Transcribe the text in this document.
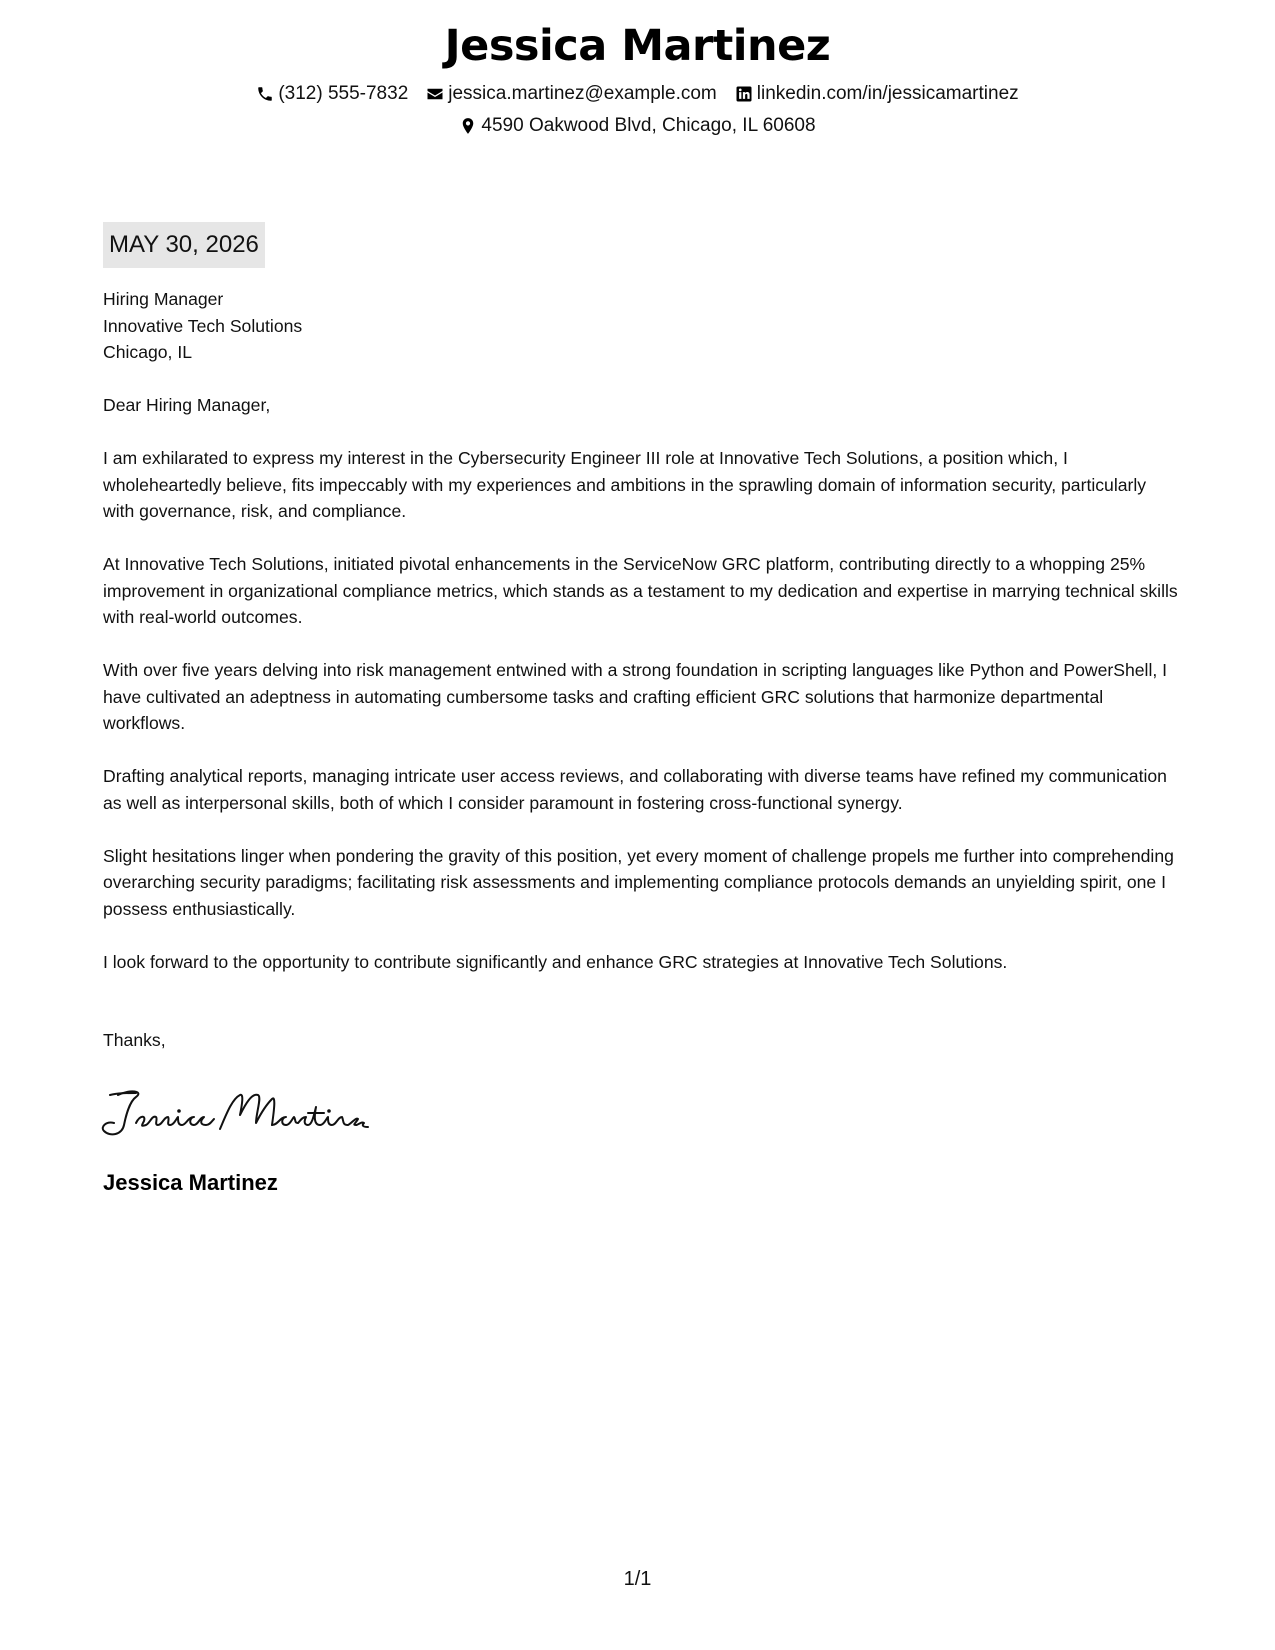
Jessica Martinez
(312) 555-7832 jessica.martinez@example.com linkedin.com/in/jessicamartinez
4590 Oakwood Blvd, Chicago, IL 60608
MAY 30, 2026
Hiring Manager
Innovative Tech Solutions
Chicago, IL

Dear Hiring Manager,

I am exhilarated to express my interest in the Cybersecurity Engineer III role at Innovative Tech Solutions, a position which, I wholeheartedly believe, fits impeccably with my experiences and ambitions in the sprawling domain of information security, particularly with governance, risk, and compliance.

At Innovative Tech Solutions, initiated pivotal enhancements in the ServiceNow GRC platform, contributing directly to a whopping 25% improvement in organizational compliance metrics, which stands as a testament to my dedication and expertise in marrying technical skills with real-world outcomes.

With over five years delving into risk management entwined with a strong foundation in scripting languages like Python and PowerShell, I have cultivated an adeptness in automating cumbersome tasks and crafting efficient GRC solutions that harmonize departmental workflows.

Drafting analytical reports, managing intricate user access reviews, and collaborating with diverse teams have refined my communication as well as interpersonal skills, both of which I consider paramount in fostering cross-functional synergy.

Slight hesitations linger when pondering the gravity of this position, yet every moment of challenge propels me further into comprehending overarching security paradigms; facilitating risk assessments and implementing compliance protocols demands an unyielding spirit, one I possess enthusiastically.

I look forward to the opportunity to contribute significantly and enhance GRC strategies at Innovative Tech Solutions.

Thanks,
Jessica Martinez
1/1
